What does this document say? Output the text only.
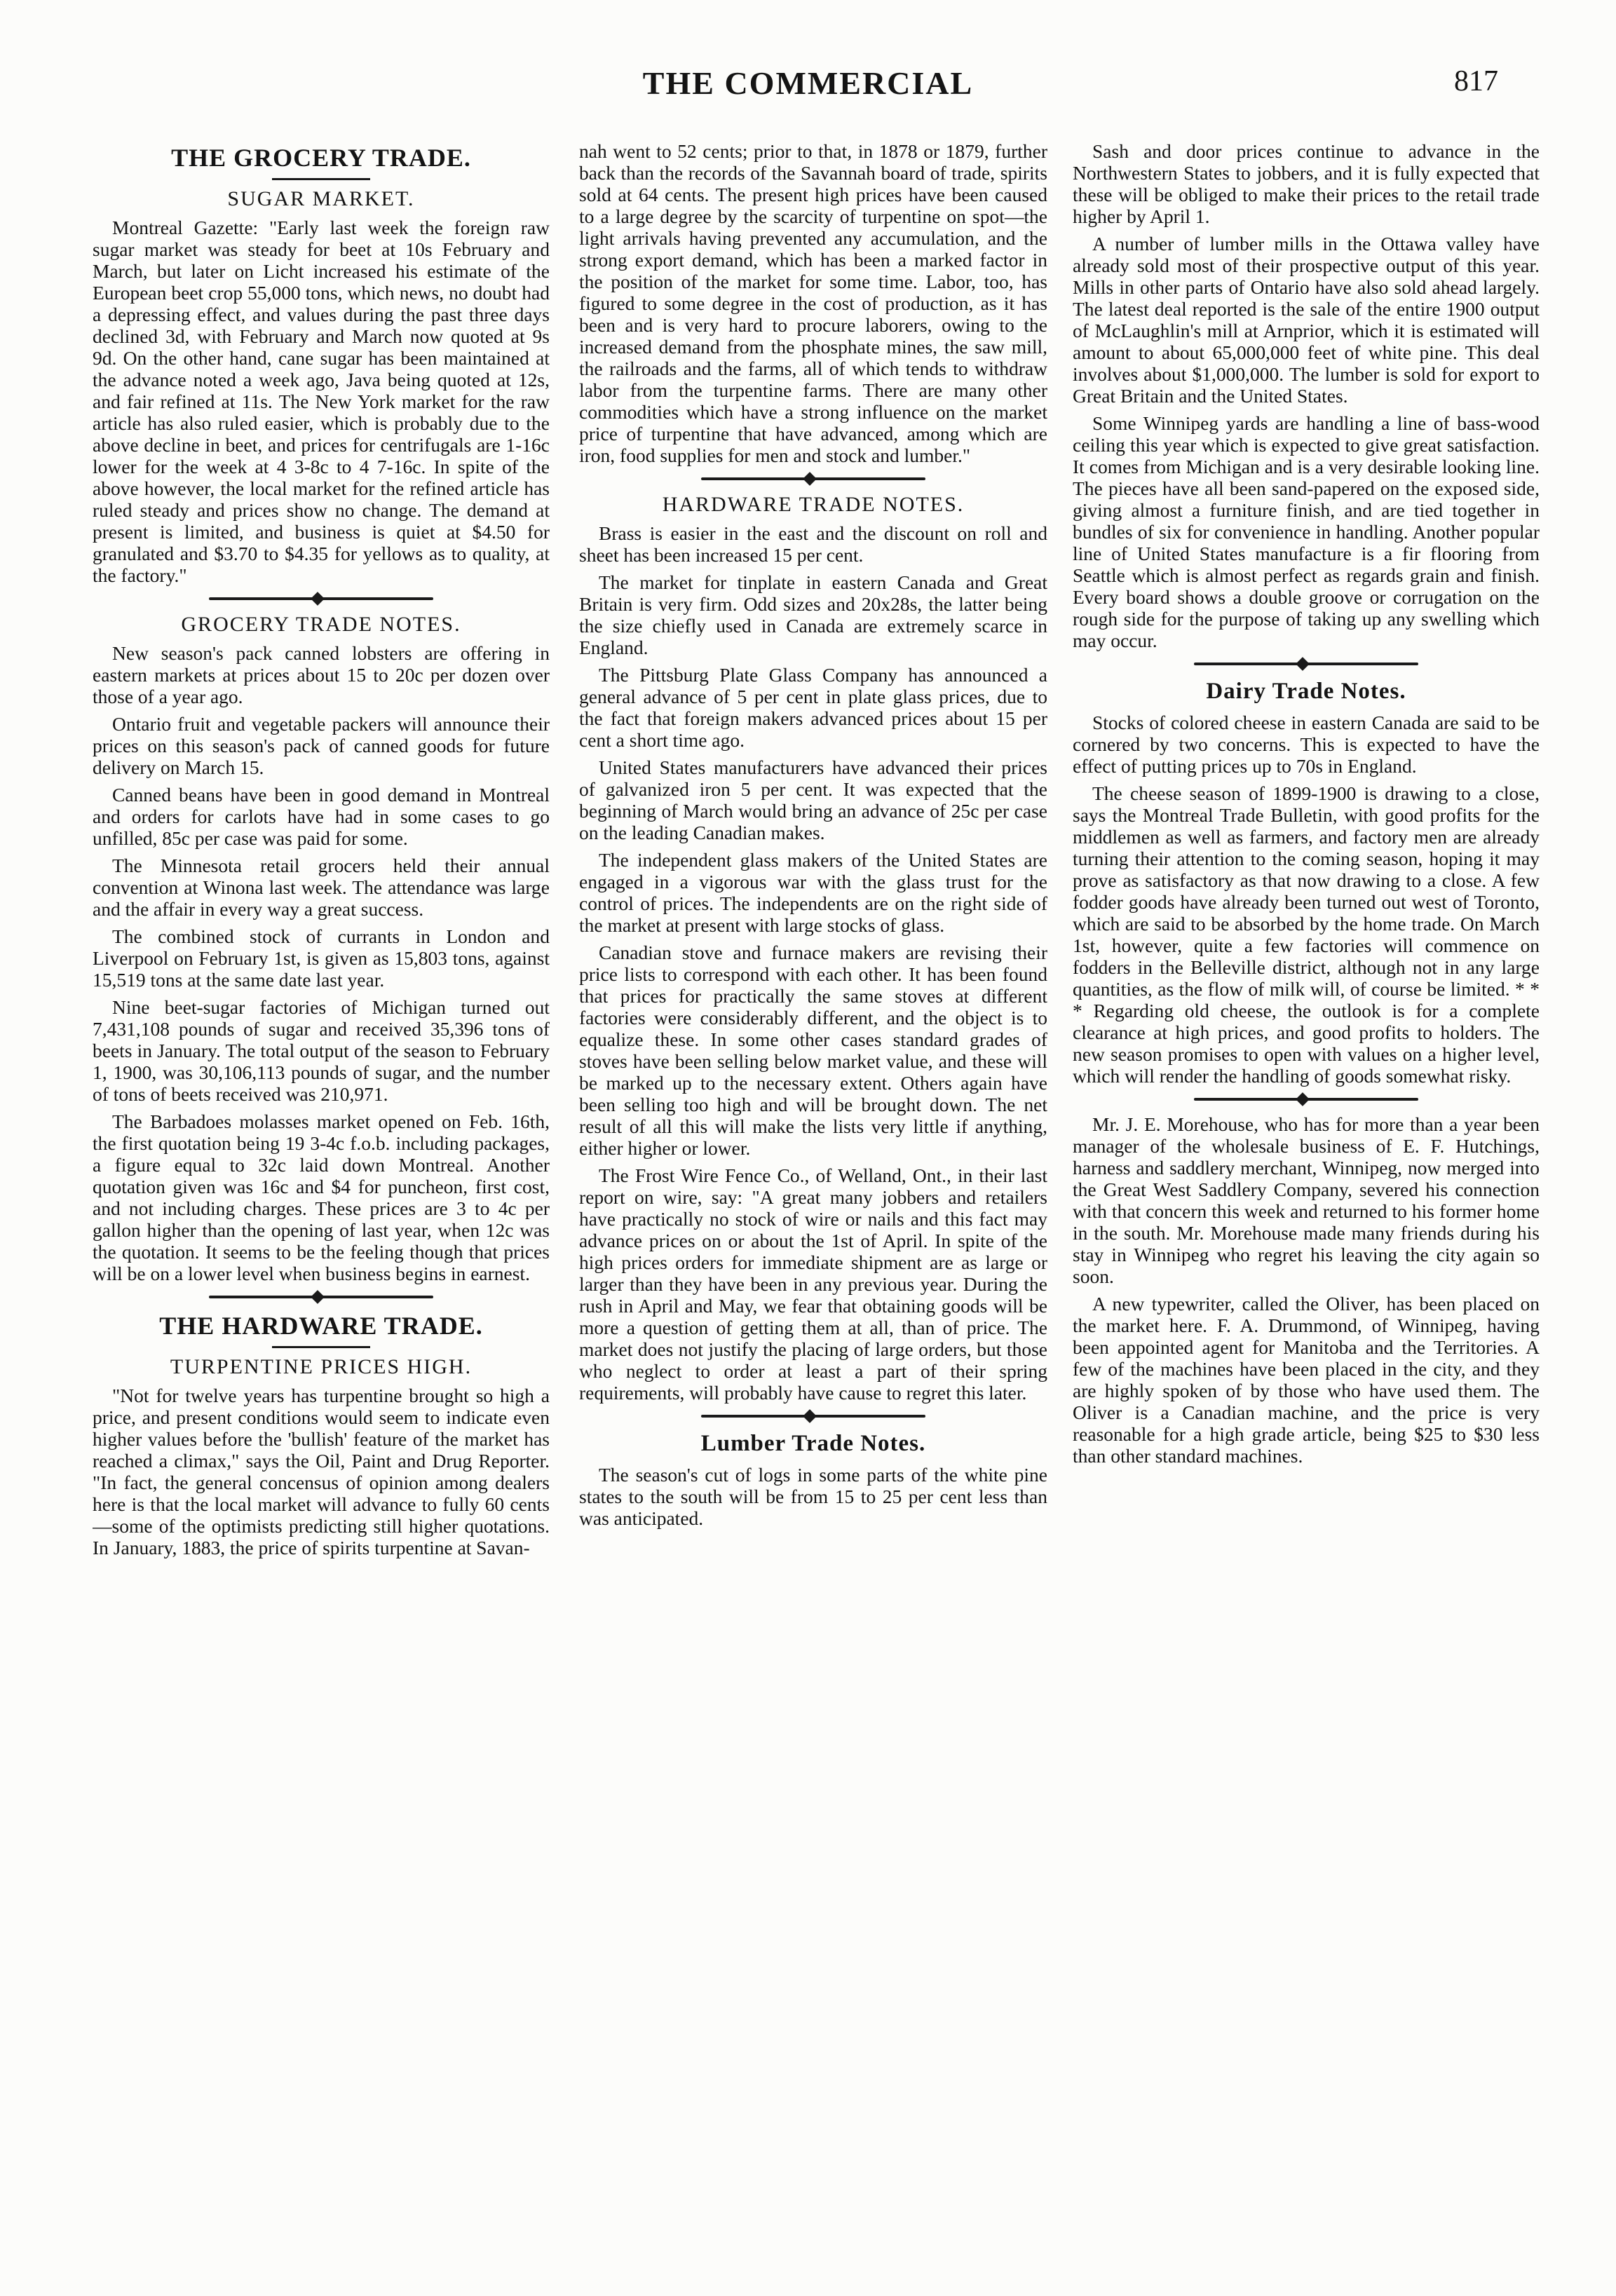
THE COMMERCIAL	817
THE GROCERY TRADE.
SUGAR MARKET.

Montreal Gazette: "Early last week the foreign raw sugar market was steady for beet at 10s February and March, but later on Licht increased his estimate of the European beet crop 55,000 tons, which news, no doubt had a depressing effect, and values during the past three days declined 3d, with February and March now quoted at 9s 9d. On the other hand, cane sugar has been maintained at the advance noted a week ago, Java being quoted at 12s, and fair refined at 11s. The New York market for the raw article has also ruled easier, which is probably due to the above decline in beet, and prices for centrifugals are 1-16c lower for the week at 4 3-8c to 4 7-16c. In spite of the above however, the local market for the refined article has ruled steady and prices show no change. The demand at present is limited, and business is quiet at $4.50 for granulated and $3.70 to $4.35 for yellows as to quality, at the factory."

GROCERY TRADE NOTES.

New season's pack canned lobsters are offering in eastern markets at prices about 15 to 20c per dozen over those of a year ago.

Ontario fruit and vegetable packers will announce their prices on this season's pack of canned goods for future delivery on March 15.

Canned beans have been in good demand in Montreal and orders for carlots have had in some cases to go unfilled, 85c per case was paid for some.

The Minnesota retail grocers held their annual convention at Winona last week. The attendance was large and the affair in every way a great success.

The combined stock of currants in London and Liverpool on February 1st, is given as 15,803 tons, against 15,519 tons at the same date last year.

Nine beet-sugar factories of Michigan turned out 7,431,108 pounds of sugar and received 35,396 tons of beets in January. The total output of the season to February 1, 1900, was 30,106,113 pounds of sugar, and the number of tons of beets received was 210,971.

The Barbadoes molasses market opened on Feb. 16th, the first quotation being 19 3-4c f.o.b. including packages, a figure equal to 32c laid down Montreal. Another quotation given was 16c and $4 for puncheon, first cost, and not including charges. These prices are 3 to 4c per gallon higher than the opening of last year, when 12c was the quotation. It seems to be the feeling though that prices will be on a lower level when business begins in earnest.

THE HARDWARE TRADE.
TURPENTINE PRICES HIGH.

"Not for twelve years has turpentine brought so high a price, and present conditions would seem to indicate even higher values before the 'bullish' feature of the market has reached a climax," says the Oil, Paint and Drug Reporter. "In fact, the general concensus of opinion among dealers here is that the local market will advance to fully 60 cents—some of the optimists predicting still higher quotations. In January, 1883, the price of spirits turpentine at Savan-

nah went to 52 cents; prior to that, in 1878 or 1879, further back than the records of the Savannah board of trade, spirits sold at 64 cents. The present high prices have been caused to a large degree by the scarcity of turpentine on spot—the light arrivals having prevented any accumulation, and the strong export demand, which has been a marked factor in the position of the market for some time. Labor, too, has figured to some degree in the cost of production, as it has been and is very hard to procure laborers, owing to the increased demand from the phosphate mines, the saw mill, the railroads and the farms, all of which tends to withdraw labor from the turpentine farms. There are many other commodities which have a strong influence on the market price of turpentine that have advanced, among which are iron, food supplies for men and stock and lumber."

HARDWARE TRADE NOTES.

Brass is easier in the east and the discount on roll and sheet has been increased 15 per cent.

The market for tinplate in eastern Canada and Great Britain is very firm. Odd sizes and 20x28s, the latter being the size chiefly used in Canada are extremely scarce in England.

The Pittsburg Plate Glass Company has announced a general advance of 5 per cent in plate glass prices, due to the fact that foreign makers advanced prices about 15 per cent a short time ago.

United States manufacturers have advanced their prices of galvanized iron 5 per cent. It was expected that the beginning of March would bring an advance of 25c per case on the leading Canadian makes.

The independent glass makers of the United States are engaged in a vigorous war with the glass trust for the control of prices. The independents are on the right side of the market at present with large stocks of glass.

Canadian stove and furnace makers are revising their price lists to correspond with each other. It has been found that prices for practically the same stoves at different factories were considerably different, and the object is to equalize these. In some other cases standard grades of stoves have been selling below market value, and these will be marked up to the necessary extent. Others again have been selling too high and will be brought down. The net result of all this will make the lists very little if anything, either higher or lower.

The Frost Wire Fence Co., of Welland, Ont., in their last report on wire, say: "A great many jobbers and retailers have practically no stock of wire or nails and this fact may advance prices on or about the 1st of April. In spite of the high prices orders for immediate shipment are as large or larger than they have been in any previous year. During the rush in April and May, we fear that obtaining goods will be more a question of getting them at all, than of price. The market does not justify the placing of large orders, but those who neglect to order at least a part of their spring requirements, will probably have cause to regret this later.

Lumber Trade Notes.

The season's cut of logs in some parts of the white pine states to the south will be from 15 to 25 per cent less than was anticipated.

Sash and door prices continue to advance in the Northwestern States to jobbers, and it is fully expected that these will be obliged to make their prices to the retail trade higher by April 1.

A number of lumber mills in the Ottawa valley have already sold most of their prospective output of this year. Mills in other parts of Ontario have also sold ahead largely. The latest deal reported is the sale of the entire 1900 output of McLaughlin's mill at Arnprior, which it is estimated will amount to about 65,000,000 feet of white pine. This deal involves about $1,000,000. The lumber is sold for export to Great Britain and the United States.

Some Winnipeg yards are handling a line of bass-wood ceiling this year which is expected to give great satisfaction. It comes from Michigan and is a very desirable looking line. The pieces have all been sand-papered on the exposed side, giving almost a furniture finish, and are tied together in bundles of six for convenience in handling. Another popular line of United States manufacture is a fir flooring from Seattle which is almost perfect as regards grain and finish. Every board shows a double groove or corrugation on the rough side for the purpose of taking up any swelling which may occur.

Dairy Trade Notes.

Stocks of colored cheese in eastern Canada are said to be cornered by two concerns. This is expected to have the effect of putting prices up to 70s in England.

The cheese season of 1899-1900 is drawing to a close, says the Montreal Trade Bulletin, with good profits for the middlemen as well as farmers, and factory men are already turning their attention to the coming season, hoping it may prove as satisfactory as that now drawing to a close. A few fodder goods have already been turned out west of Toronto, which are said to be absorbed by the home trade. On March 1st, however, quite a few factories will commence on fodders in the Belleville district, although not in any large quantities, as the flow of milk will, of course be limited. * * * Regarding old cheese, the outlook is for a complete clearance at high prices, and good profits to holders. The new season promises to open with values on a higher level, which will render the handling of goods somewhat risky.

Mr. J. E. Morehouse, who has for more than a year been manager of the wholesale business of E. F. Hutchings, harness and saddlery merchant, Winnipeg, now merged into the Great West Saddlery Company, severed his connection with that concern this week and returned to his former home in the south. Mr. Morehouse made many friends during his stay in Winnipeg who regret his leaving the city again so soon.

A new typewriter, called the Oliver, has been placed on the market here. F. A. Drummond, of Winnipeg, having been appointed agent for Manitoba and the Territories. A few of the machines have been placed in the city, and they are highly spoken of by those who have used them. The Oliver is a Canadian machine, and the price is very reasonable for a high grade article, being $25 to $30 less than other standard machines.
